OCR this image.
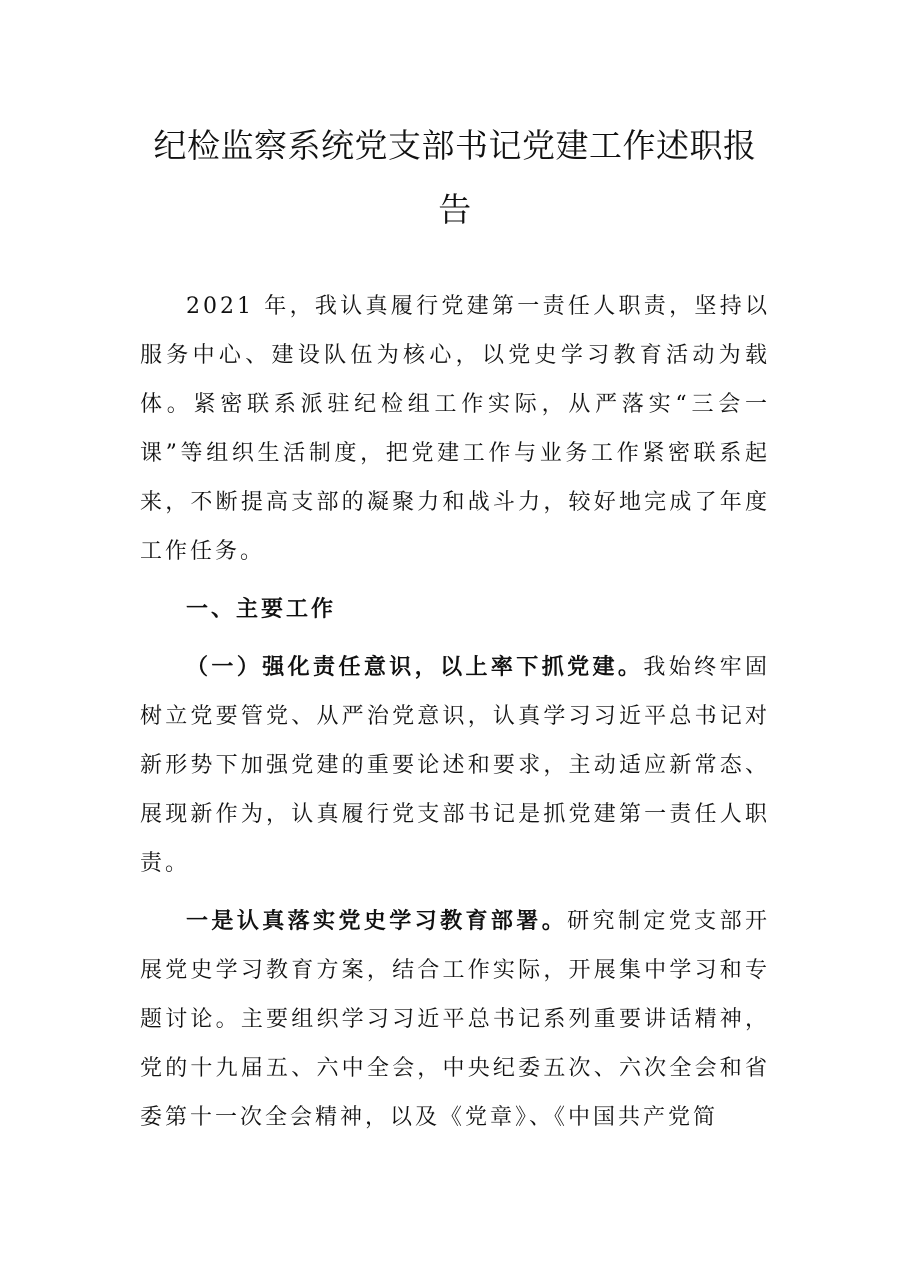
纪检监察系统党支部书记党建工作述职报告

2021 年，我认真履行党建第一责任人职责，坚持以服务中心、建设队伍为核心，以党史学习教育活动为载体。紧密联系派驻纪检组工作实际，从严落实“三会一课”等组织生活制度，把党建工作与业务工作紧密联系起来，不断提高支部的凝聚力和战斗力，较好地完成了年度工作任务。

一、主要工作

（一）强化责任意识，以上率下抓党建。我始终牢固树立党要管党、从严治党意识，认真学习习近平总书记对新形势下加强党建的重要论述和要求，主动适应新常态、展现新作为，认真履行党支部书记是抓党建第一责任人职责。

一是认真落实党史学习教育部署。研究制定党支部开展党史学习教育方案，结合工作实际，开展集中学习和专题讨论。主要组织学习习近平总书记系列重要讲话精神，党的十九届五、六中全会，中央纪委五次、六次全会和省委第十一次全会精神，以及《党章》、《中国共产党简
